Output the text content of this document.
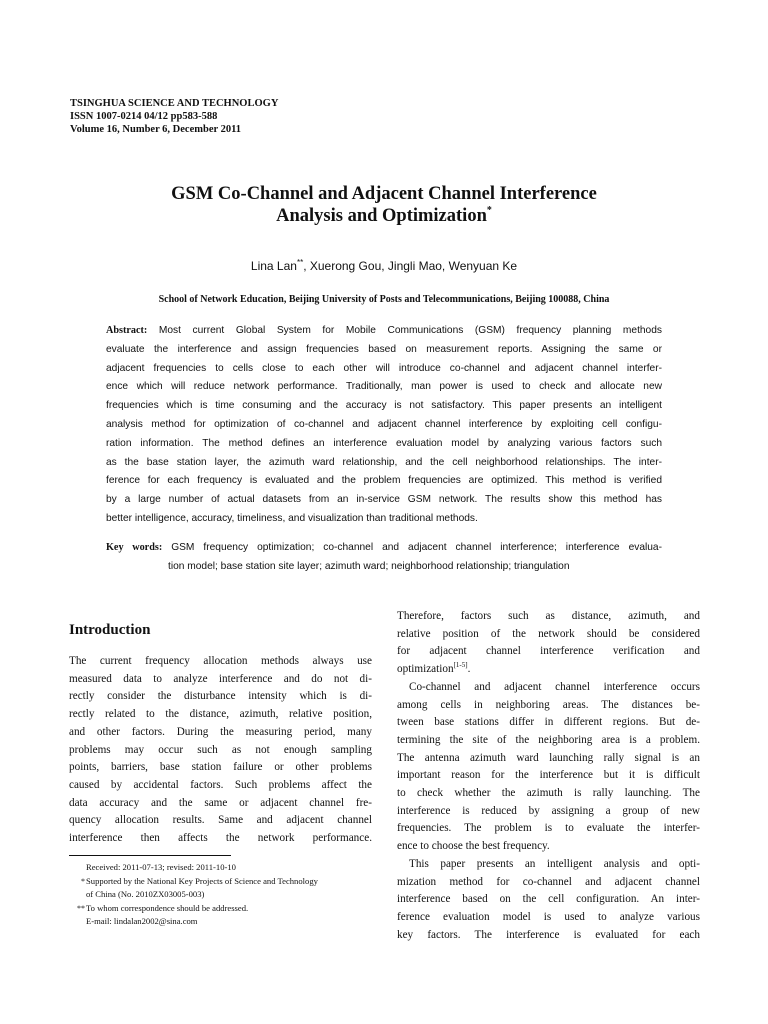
TSINGHUA SCIENCE AND TECHNOLOGY
ISSN 1007-0214 04/12 pp583-588
Volume 16, Number 6, December 2011
GSM Co-Channel and Adjacent Channel Interference
Analysis and Optimization*
Lina Lan**, Xuerong Gou, Jingli Mao, Wenyuan Ke
School of Network Education, Beijing University of Posts and Telecommunications, Beijing 100088, China
Abstract: Most current Global System for Mobile Communications (GSM) frequency planning methods
evaluate the interference and assign frequencies based on measurement reports. Assigning the same or
adjacent frequencies to cells close to each other will introduce co-channel and adjacent channel interfer-
ence which will reduce network performance. Traditionally, man power is used to check and allocate new
frequencies which is time consuming and the accuracy is not satisfactory. This paper presents an intelligent
analysis method for optimization of co-channel and adjacent channel interference by exploiting cell configu-
ration information. The method defines an interference evaluation model by analyzing various factors such
as the base station layer, the azimuth ward relationship, and the cell neighborhood relationships. The inter-
ference for each frequency is evaluated and the problem frequencies are optimized. This method is verified
by a large number of actual datasets from an in-service GSM network. The results show this method has
better intelligence, accuracy, timeliness, and visualization than traditional methods.
Key words: GSM frequency optimization; co-channel and adjacent channel interference; interference evalua-
tion model; base station site layer; azimuth ward; neighborhood relationship; triangulation
Introduction
The current frequency allocation methods always use
measured data to analyze interference and do not di-
rectly consider the disturbance intensity which is di-
rectly related to the distance, azimuth, relative position,
and other factors. During the measuring period, many
problems may occur such as not enough sampling
points, barriers, base station failure or other problems
caused by accidental factors. Such problems affect the
data accuracy and the same or adjacent channel fre-
quency allocation results. Same and adjacent channel
interference then affects the network performance.
Therefore, factors such as distance, azimuth, and
relative position of the network should be considered
for adjacent channel interference verification and
optimization[1-5].
Co-channel and adjacent channel interference occurs
among cells in neighboring areas. The distances be-
tween base stations differ in different regions. But de-
termining the site of the neighboring area is a problem.
The antenna azimuth ward launching rally signal is an
important reason for the interference but it is difficult
to check whether the azimuth is rally launching. The
interference is reduced by assigning a group of new
frequencies. The problem is to evaluate the interfer-
ence to choose the best frequency.
This paper presents an intelligent analysis and opti-
mization method for co-channel and adjacent channel
interference based on the cell configuration. An inter-
ference evaluation model is used to analyze various
key factors. The interference is evaluated for each
Received: 2011-07-13; revised: 2011-10-10
* Supported by the National Key Projects of Science and Technology
of China (No. 2010ZX03005-003)
** To whom correspondence should be addressed.
E-mail: lindalan2002@sina.com
